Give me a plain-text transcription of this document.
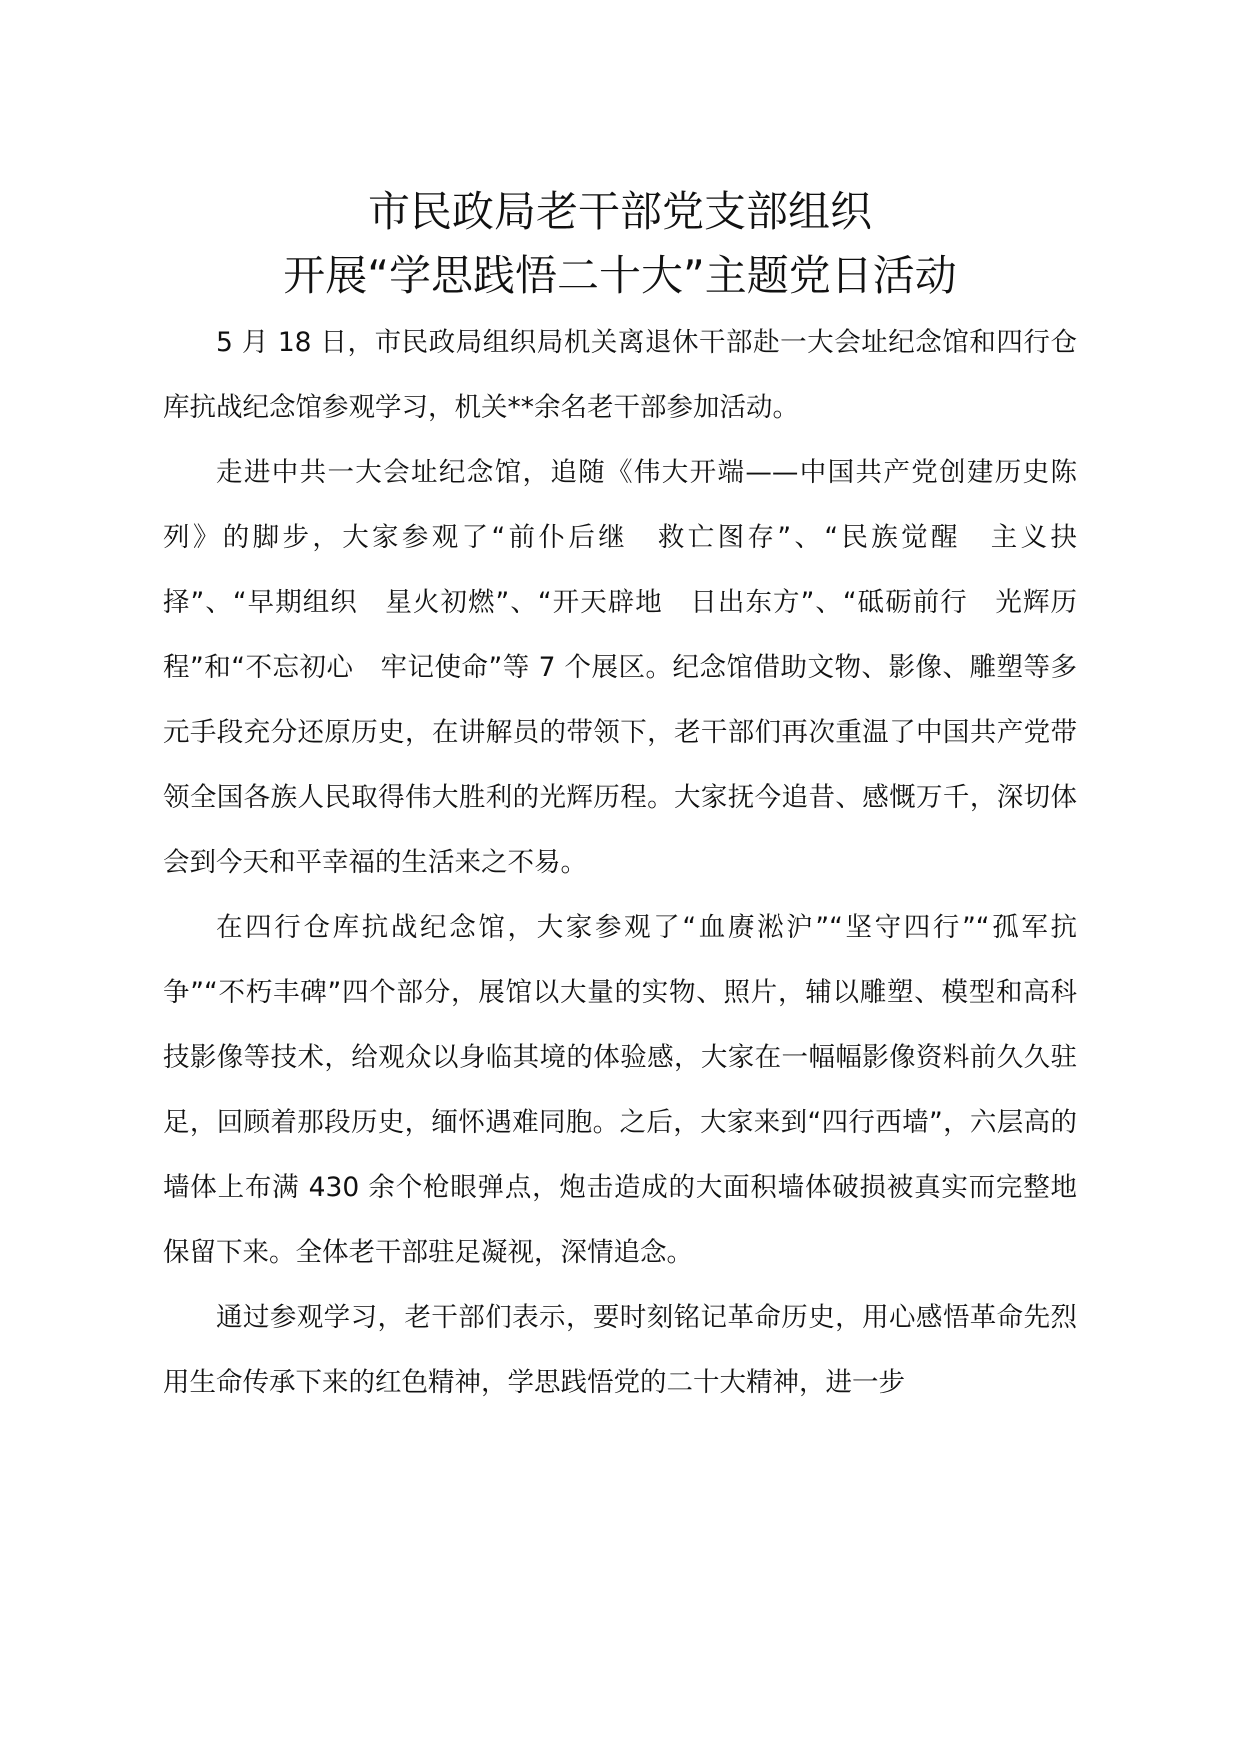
市民政局老干部党支部组织
开展“学思践悟二十大”主题党日活动

5 月 18 日，市民政局组织局机关离退休干部赴一大会址纪念馆和四行仓库抗战纪念馆参观学习，机关**余名老干部参加活动。

走进中共一大会址纪念馆，追随《伟大开端——中国共产党创建历史陈列》的脚步，大家参观了“前仆后继　救亡图存”、“民族觉醒　主义抉择”、“早期组织　星火初燃”、“开天辟地　日出东方”、“砥砺前行　光辉历程”和“不忘初心　牢记使命”等 7 个展区。纪念馆借助文物、影像、雕塑等多元手段充分还原历史，在讲解员的带领下，老干部们再次重温了中国共产党带领全国各族人民取得伟大胜利的光辉历程。大家抚今追昔、感慨万千，深切体会到今天和平幸福的生活来之不易。

在四行仓库抗战纪念馆，大家参观了“血赓淞沪”“坚守四行”“孤军抗争”“不朽丰碑”四个部分，展馆以大量的实物、照片，辅以雕塑、模型和高科技影像等技术，给观众以身临其境的体验感，大家在一幅幅影像资料前久久驻足，回顾着那段历史，缅怀遇难同胞。之后，大家来到“四行西墙”，六层高的墙体上布满 430 余个枪眼弹点，炮击造成的大面积墙体破损被真实而完整地保留下来。全体老干部驻足凝视，深情追念。

通过参观学习，老干部们表示，要时刻铭记革命历史，用心感悟革命先烈用生命传承下来的红色精神，学思践悟党的二十大精神，进一步
